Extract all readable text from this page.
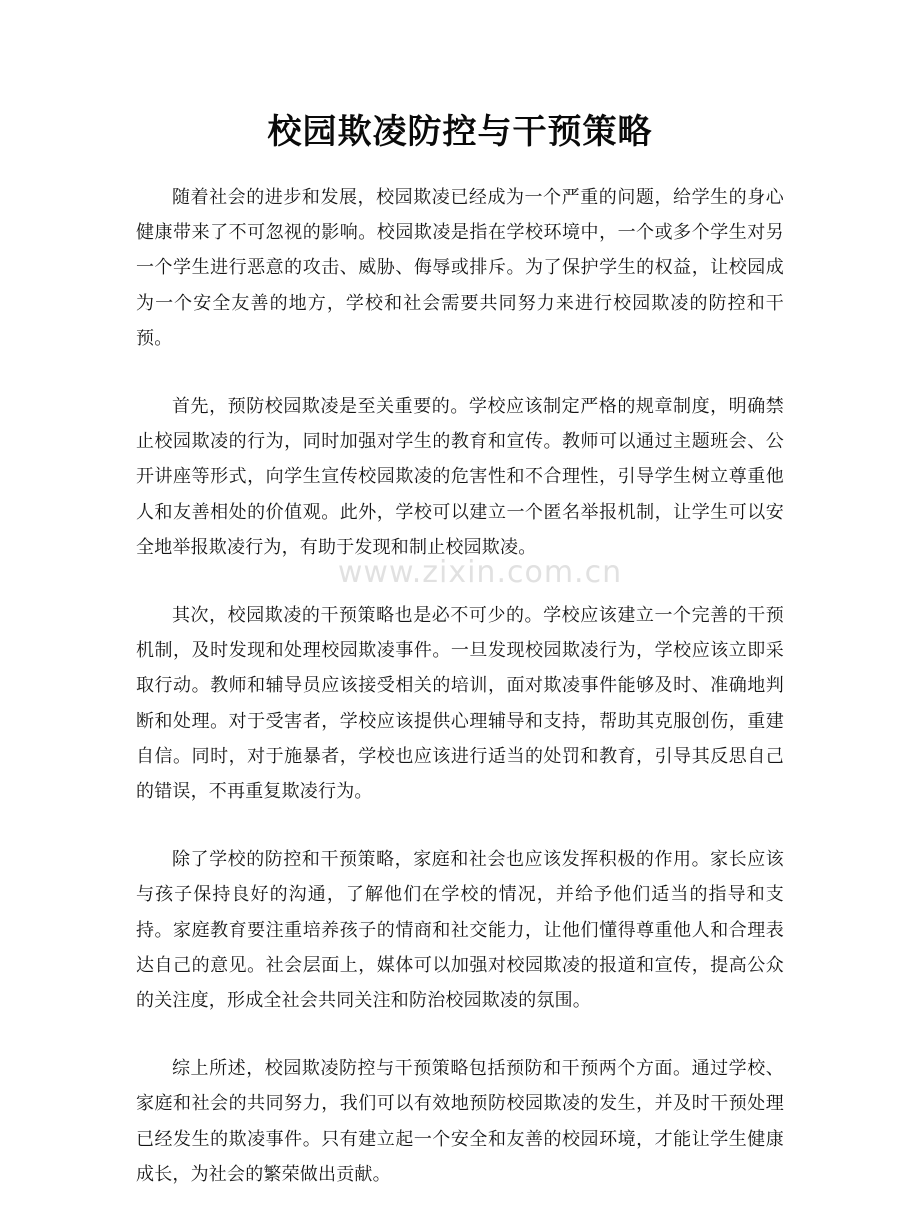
校园欺凌防控与干预策略

随着社会的进步和发展，校园欺凌已经成为一个严重的问题，给学生的身心健康带来了不可忽视的影响。校园欺凌是指在学校环境中，一个或多个学生对另一个学生进行恶意的攻击、威胁、侮辱或排斥。为了保护学生的权益，让校园成为一个安全友善的地方，学校和社会需要共同努力来进行校园欺凌的防控和干预。

首先，预防校园欺凌是至关重要的。学校应该制定严格的规章制度，明确禁止校园欺凌的行为，同时加强对学生的教育和宣传。教师可以通过主题班会、公开讲座等形式，向学生宣传校园欺凌的危害性和不合理性，引导学生树立尊重他人和友善相处的价值观。此外，学校可以建立一个匿名举报机制，让学生可以安全地举报欺凌行为，有助于发现和制止校园欺凌。

其次，校园欺凌的干预策略也是必不可少的。学校应该建立一个完善的干预机制，及时发现和处理校园欺凌事件。一旦发现校园欺凌行为，学校应该立即采取行动。教师和辅导员应该接受相关的培训，面对欺凌事件能够及时、准确地判断和处理。对于受害者，学校应该提供心理辅导和支持，帮助其克服创伤，重建自信。同时，对于施暴者，学校也应该进行适当的处罚和教育，引导其反思自己的错误，不再重复欺凌行为。

除了学校的防控和干预策略，家庭和社会也应该发挥积极的作用。家长应该与孩子保持良好的沟通，了解他们在学校的情况，并给予他们适当的指导和支持。家庭教育要注重培养孩子的情商和社交能力，让他们懂得尊重他人和合理表达自己的意见。社会层面上，媒体可以加强对校园欺凌的报道和宣传，提高公众的关注度，形成全社会共同关注和防治校园欺凌的氛围。

综上所述，校园欺凌防控与干预策略包括预防和干预两个方面。通过学校、家庭和社会的共同努力，我们可以有效地预防校园欺凌的发生，并及时干预处理已经发生的欺凌事件。只有建立起一个安全和友善的校园环境，才能让学生健康成长，为社会的繁荣做出贡献。

www.zixin.com.cn
